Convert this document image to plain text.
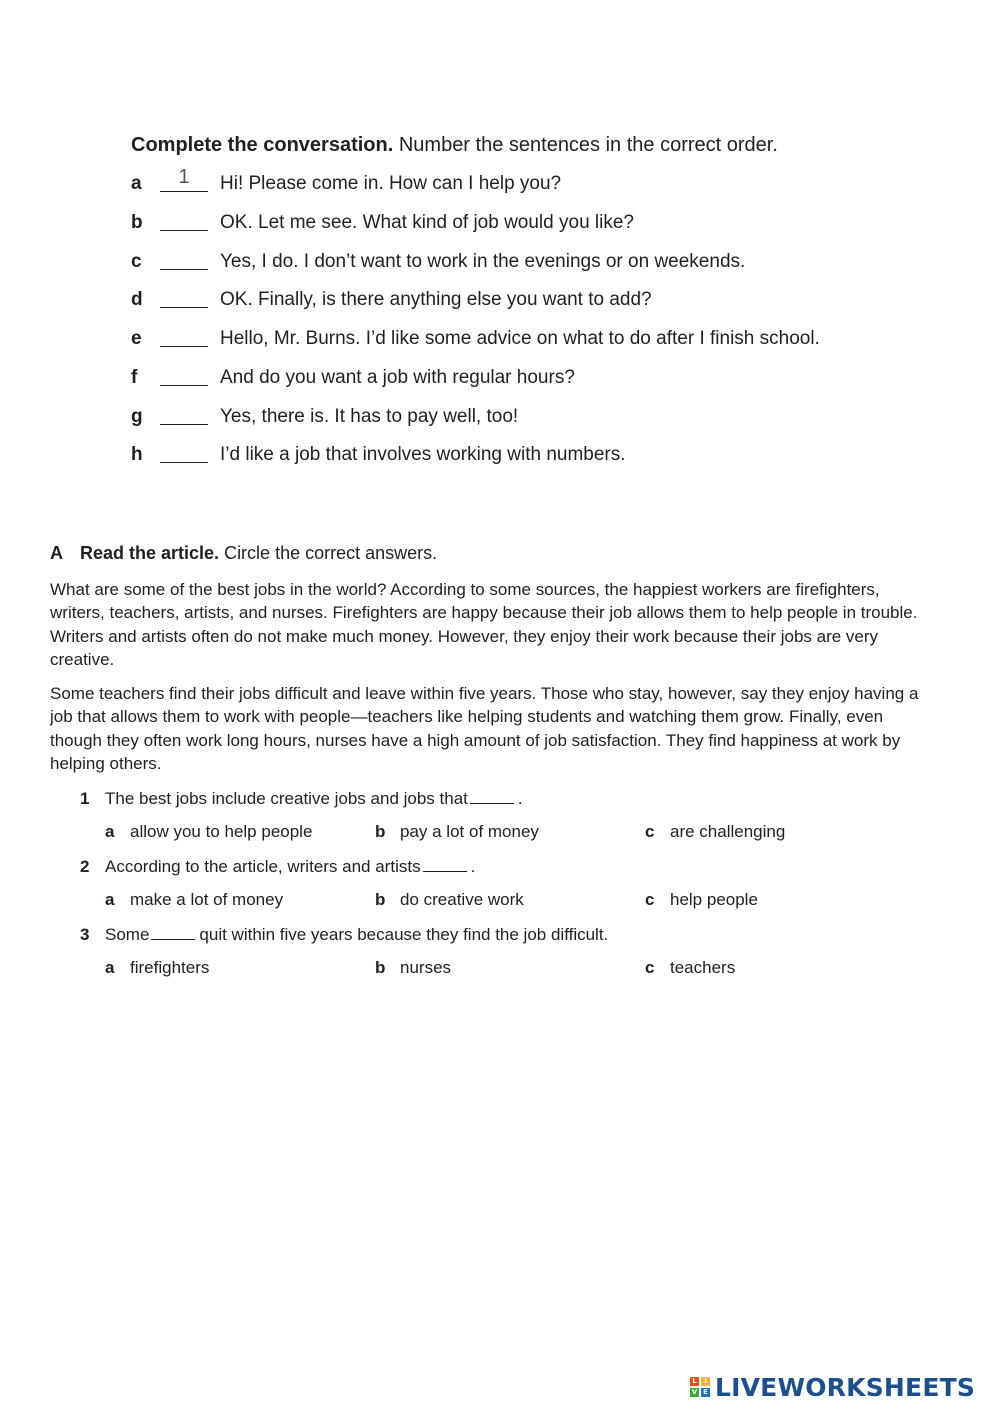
Complete the conversation. Number the sentences in the correct order.
a	1	Hi! Please come in. How can I help you?
b	OK. Let me see. What kind of job would you like?
c	Yes, I do. I don’t want to work in the evenings or on weekends.
d	OK. Finally, is there anything else you want to add?
e	Hello, Mr. Burns. I’d like some advice on what to do after I finish school.
f	And do you want a job with regular hours?
g	Yes, there is. It has to pay well, too!
h	I’d like a job that involves working with numbers.
A Read the article. Circle the correct answers.

What are some of the best jobs in the world? According to some sources, the happiest workers are firefighters, writers, teachers, artists, and nurses. Firefighters are happy because their job allows them to help people in trouble. Writers and artists often do not make much money. However, they enjoy their work because their jobs are very creative.

Some teachers find their jobs difficult and leave within five years. Those who stay, however, say they enjoy having a job that allows them to work with people—teachers like helping students and watching them grow. Finally, even though they often work long hours, nurses have a high amount of job satisfaction. They find happiness at work by helping others.

1 The best jobs include creative jobs and jobs that	.
a allow you to help people	b pay a lot of money	c are challenging
2 According to the article, writers and artists	.
a make a lot of money	b do creative work	c help people
3 Some	quit within five years because they find the job difficult.
a firefighters	b nurses	c teachers
L	I
V E LIVEWORKSHEETS
